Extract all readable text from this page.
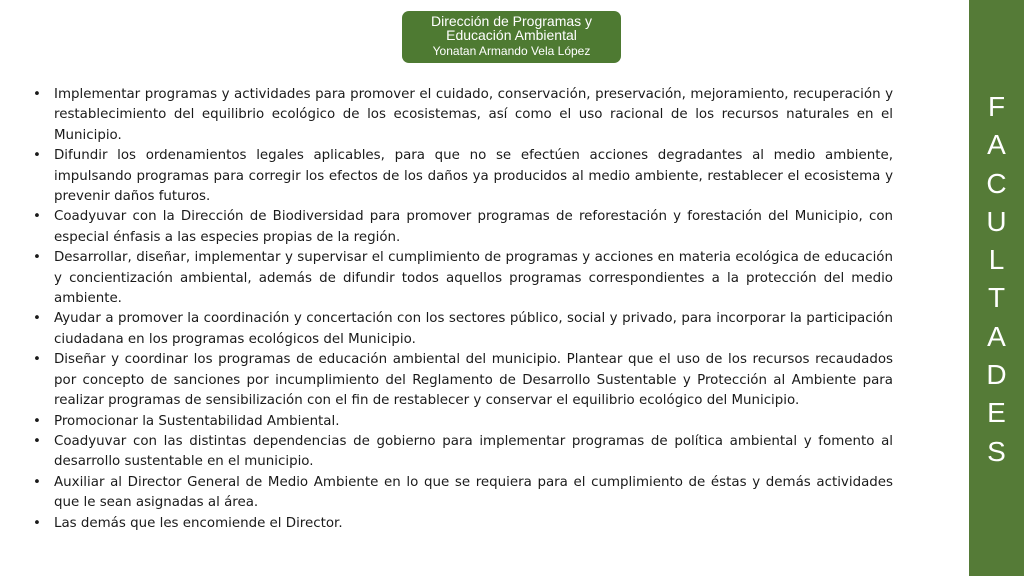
Dirección de Programas y
Educación Ambiental
Yonatan Armando Vela López
• Implementar programas y actividades para promover el cuidado, conservación, preservación, mejoramiento, recuperación y restablecimiento del equilibrio ecológico de los ecosistemas, así como el uso racional de los recursos naturales en el Municipio.
• Difundir los ordenamientos legales aplicables, para que no se efectúen acciones degradantes al medio ambiente, impulsando programas para corregir los efectos de los daños ya producidos al medio ambiente, restablecer el ecosistema y prevenir daños futuros.
• Coadyuvar con la Dirección de Biodiversidad para promover programas de reforestación y forestación del Municipio, con especial énfasis a las especies propias de la región.
• Desarrollar, diseñar, implementar y supervisar el cumplimiento de programas y acciones en materia ecológica de educación y concientización ambiental, además de difundir todos aquellos programas correspondientes a la protección del medio ambiente.
• Ayudar a promover la coordinación y concertación con los sectores público, social y privado, para incorporar la participación ciudadana en los programas ecológicos del Municipio.
• Diseñar y coordinar los programas de educación ambiental del municipio. Plantear que el uso de los recursos recaudados por concepto de sanciones por incumplimiento del Reglamento de Desarrollo Sustentable y Protección al Ambiente para realizar programas de sensibilización con el fin de restablecer y conservar el equilibrio ecológico del Municipio.
• Promocionar la Sustentabilidad Ambiental.
• Coadyuvar con las distintas dependencias de gobierno para implementar programas de política ambiental y fomento al desarrollo sustentable en el municipio.
• Auxiliar al Director General de Medio Ambiente en lo que se requiera para el cumplimiento de éstas y demás actividades que le sean asignadas al área.
• Las demás que les encomiende el Director.
F
A
C
U
L
T
A
D
E
S
